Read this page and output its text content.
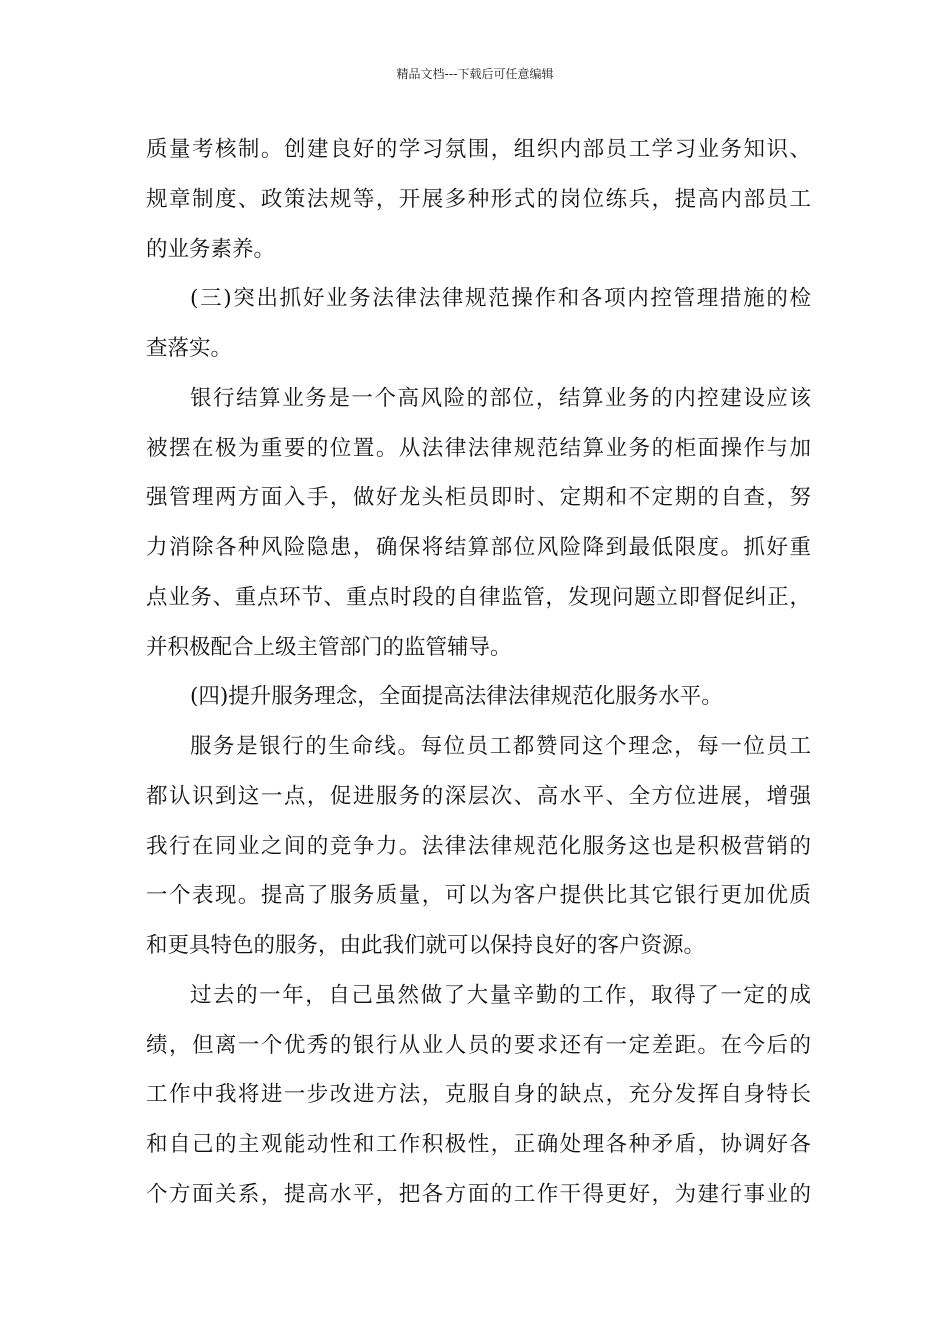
精品文档---下载后可任意编辑
质量考核制。创建良好的学习氛围，组织内部员工学习业务知识、
规章制度、政策法规等，开展多种形式的岗位练兵，提高内部员工
的业务素养。
(三)突出抓好业务法律法律规范操作和各项内控管理措施的检
查落实。
银行结算业务是一个高风险的部位，结算业务的内控建设应该
被摆在极为重要的位置。从法律法律规范结算业务的柜面操作与加
强管理两方面入手，做好龙头柜员即时、定期和不定期的自查，努
力消除各种风险隐患，确保将结算部位风险降到最低限度。抓好重
点业务、重点环节、重点时段的自律监管，发现问题立即督促纠正，
并积极配合上级主管部门的监管辅导。
(四)提升服务理念，全面提高法律法律规范化服务水平。
服务是银行的生命线。每位员工都赞同这个理念，每一位员工
都认识到这一点，促进服务的深层次、高水平、全方位进展，增强
我行在同业之间的竞争力。法律法律规范化服务这也是积极营销的
一个表现。提高了服务质量，可以为客户提供比其它银行更加优质
和更具特色的服务，由此我们就可以保持良好的客户资源。
过去的一年，自己虽然做了大量辛勤的工作，取得了一定的成
绩，但离一个优秀的银行从业人员的要求还有一定差距。在今后的
工作中我将进一步改进方法，克服自身的缺点，充分发挥自身特长
和自己的主观能动性和工作积极性，正确处理各种矛盾，协调好各
个方面关系，提高水平，把各方面的工作干得更好，为建行事业的
